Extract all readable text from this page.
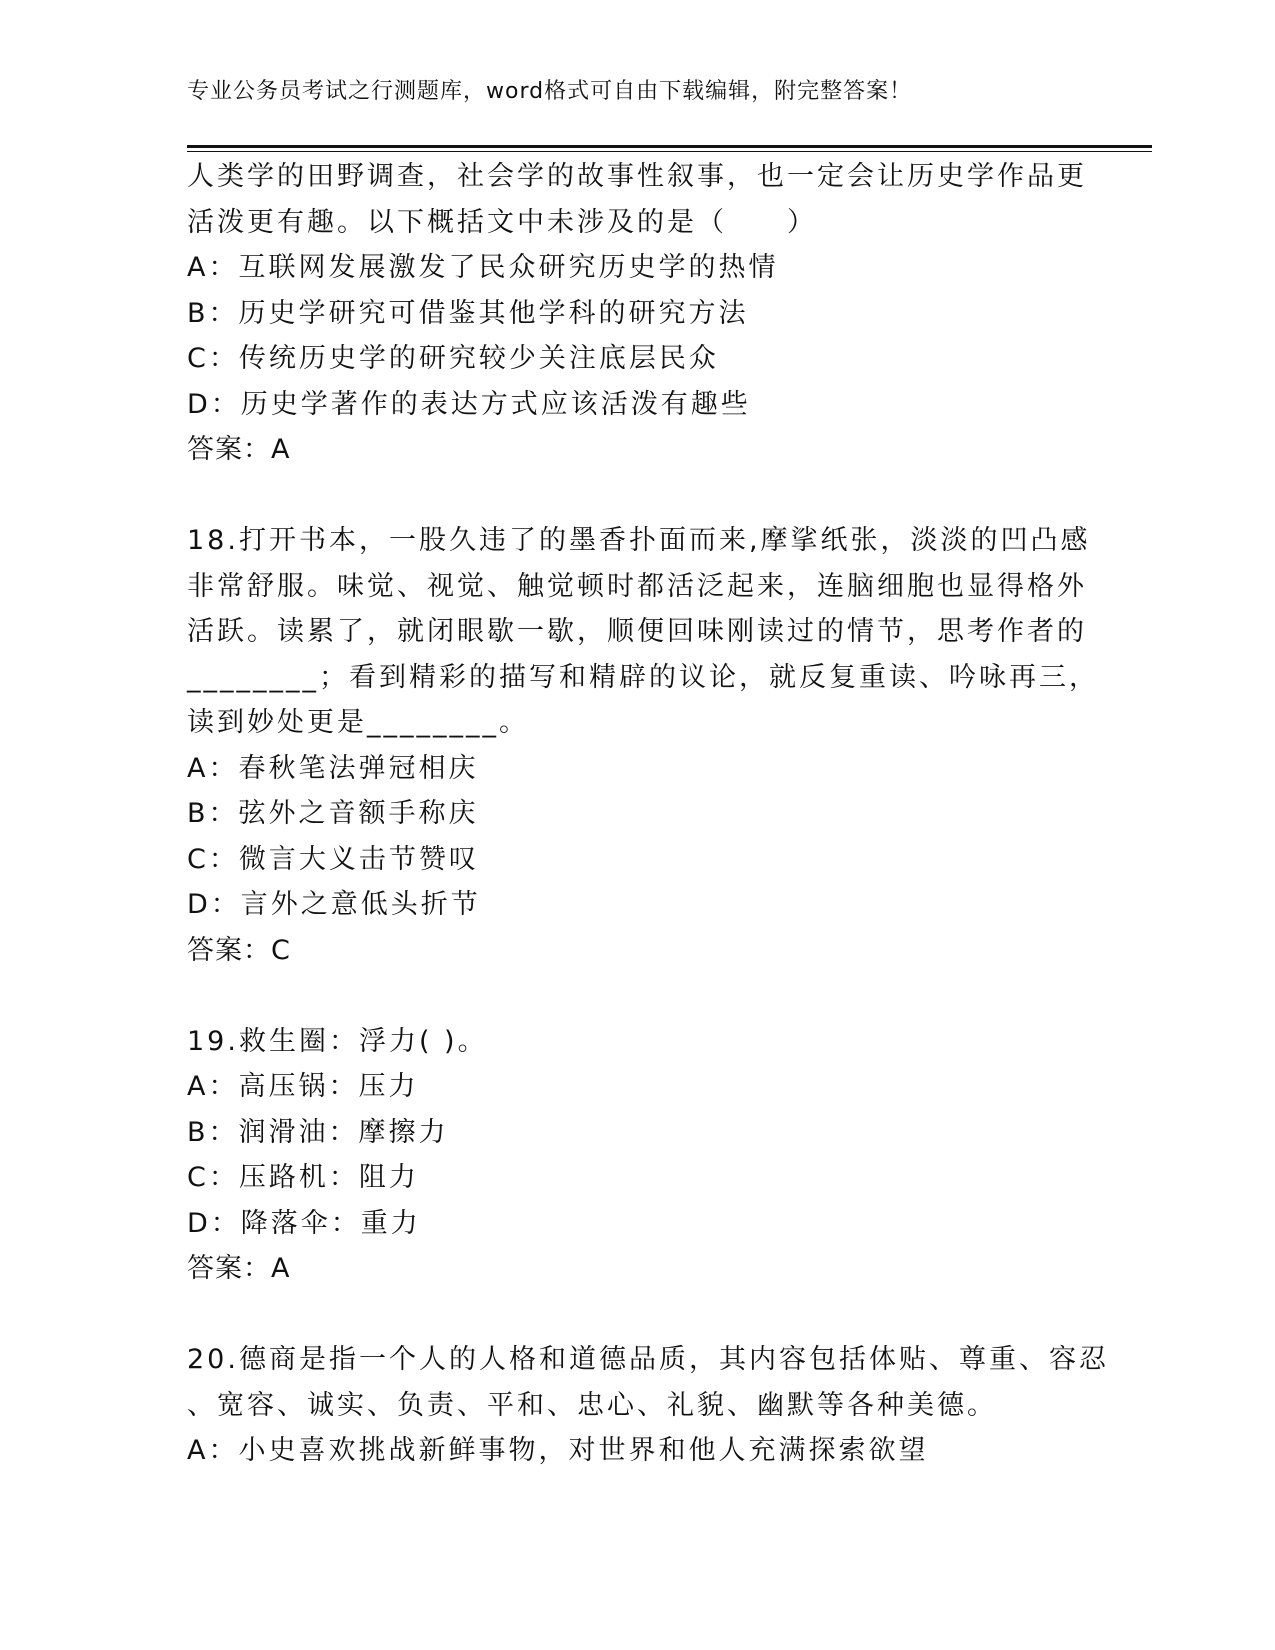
专业公务员考试之行测题库，word格式可自由下载编辑，附完整答案！
人类学的田野调查，社会学的故事性叙事，也一定会让历史学作品更
活泼更有趣。以下概括文中未涉及的是（　　）
A：互联网发展激发了民众研究历史学的热情
B：历史学研究可借鉴其他学科的研究方法
C：传统历史学的研究较少关注底层民众
D：历史学著作的表达方式应该活泼有趣些
答案：A
18.打开书本，一股久违了的墨香扑面而来,摩挲纸张，淡淡的凹凸感
非常舒服。味觉、视觉、触觉顿时都活泛起来，连脑细胞也显得格外
活跃。读累了，就闭眼歇一歇，顺便回味刚读过的情节，思考作者的
________；看到精彩的描写和精辟的议论，就反复重读、吟咏再三，
读到妙处更是________。
A：春秋笔法弹冠相庆
B：弦外之音额手称庆
C：微言大义击节赞叹
D：言外之意低头折节
答案：C
19.救生圈：浮力( )。
A：高压锅：压力
B：润滑油：摩擦力
C：压路机：阻力
D：降落伞：重力
答案：A
20.德商是指一个人的人格和道德品质，其内容包括体贴、尊重、容忍
、宽容、诚实、负责、平和、忠心、礼貌、幽默等各种美德。
A：小史喜欢挑战新鲜事物，对世界和他人充满探索欲望
